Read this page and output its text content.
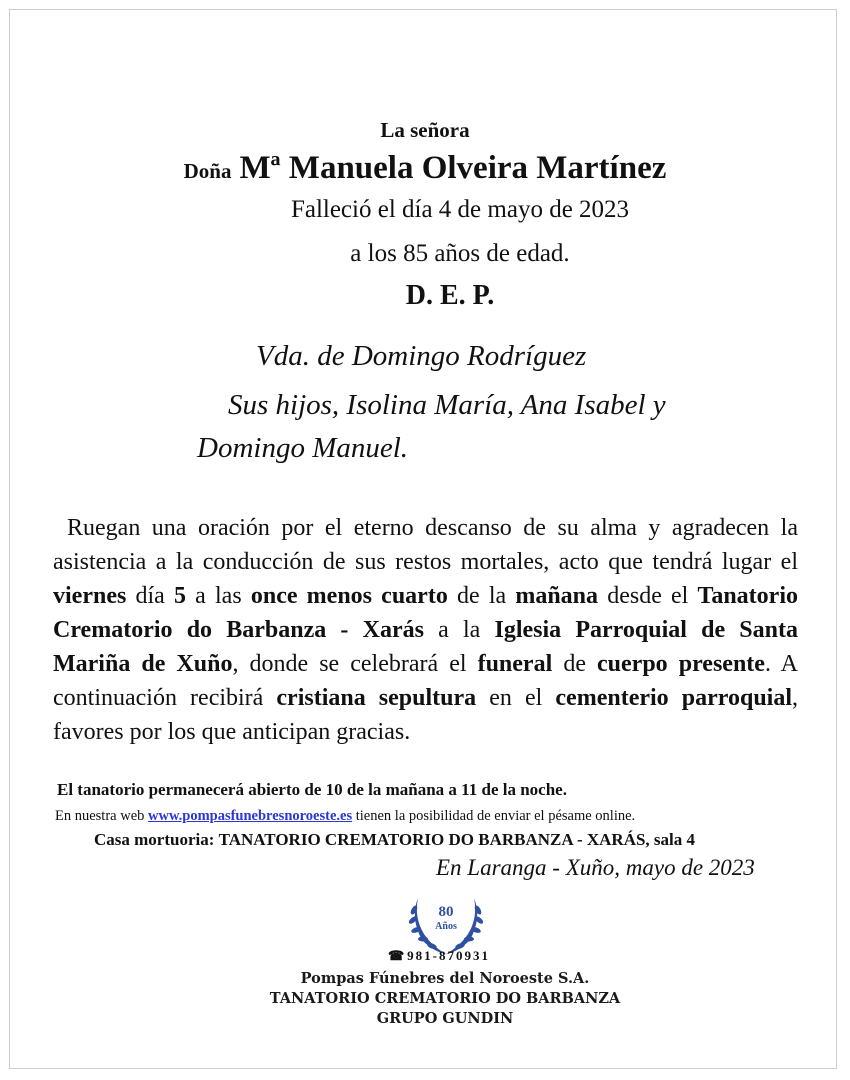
La señora
Doña Mª Manuela Olveira Martínez
Falleció el día 4 de mayo de 2023
a los 85 años de edad.
D. E. P.
Vda. de Domingo Rodríguez
Sus hijos, Isolina María, Ana Isabel y
Domingo Manuel.

Ruegan una oración por el eterno descanso de su alma y agradecen la asistencia a la conducción de sus restos mortales, acto que tendrá lugar el viernes día 5 a las once menos cuarto de la mañana desde el Tanatorio Crematorio do Barbanza - Xarás a la Iglesia Parroquial de Santa Mariña de Xuño, donde se celebrará el funeral de cuerpo presente. A continuación recibirá cristiana sepultura en el cementerio parroquial, favores por los que anticipan gracias.

El tanatorio permanecerá abierto de 10 de la mañana a 11 de la noche.
En nuestra web www.pompasfunebresnoroeste.es tienen la posibilidad de enviar el pésame online.
Casa mortuoria: TANATORIO CREMATORIO DO BARBANZA - XARÁS, sala 4
En Laranga - Xuño, mayo de 2023
80
Años
☎ 981-870931
Pompas Fúnebres del Noroeste S.A.
TANATORIO CREMATORIO DO BARBANZA
GRUPO GUNDIN
